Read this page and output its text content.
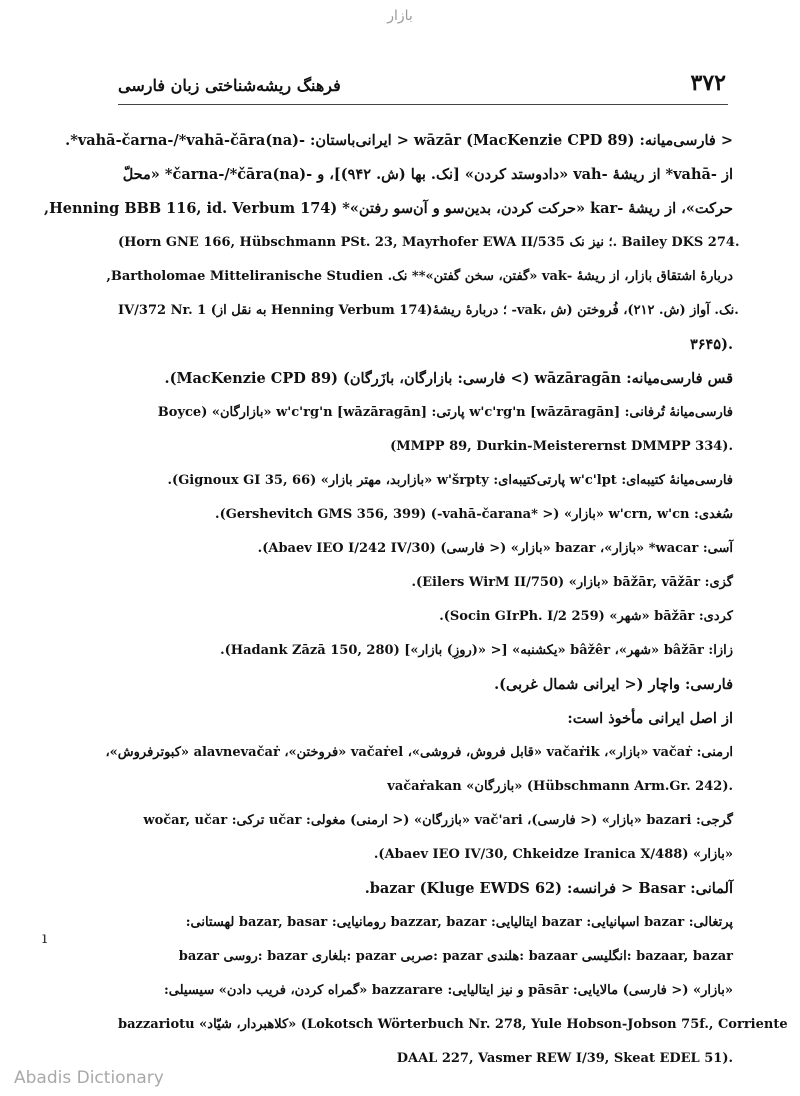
بازار
فرهنگ ریشه‌شناختی زبان فارسی	۳۷۲
< فارسی‌میانه: wāzār (MacKenzie CPD 89) < ایرانی‌باستان: -(vahā-čarna-/*vahā-čāra(na*.
از -vahā* از ریشهٔ -vah «دادوستد کردن» [نک. بها (ش. ۹۴۲)]، و -čarna-/*čāra(na)* «محلّ
حرکت»، از ریشهٔ -kar «حرکت کردن، بدین‌سو و آن‌سو رفتن»* (Henning BBB 116, id. Verbum 174,
(Horn GNE 166, Hübschmann PSt. 23, Mayrhofer EWA II/535 ؛ نیز نک. Bailey DKS 274.
دربارهٔ اشتقاق بازار، از ریشهٔ -vak «گفتن، سخن گفتن»** نک. Bartholomae Mitteliranische Studien,
IV/372 Nr. 1 (به نقل از Henning Verbum 174)؛ دربارهٔ ریشهٔ -vak، نک. آواز (ش. ۲۱۲)، فُروختن (ش.
۳۶۴۵).
قس فارسی‌میانه: wāzāragān (> فارسی: بازارگان، بازَرگان) (MacKenzie CPD 89).
فارسی‌میانهٔ تُرفانی: w'c'rg'n [wāzāragān] پارتی: w'c'rg'n [wāzāragān] «بازارگان» (Boyce
(MMPP 89, Durkin-Meisterernst DMMPP 334).
فارسی‌میانهٔ کتیبه‌ای: w'c'lpt پارتی‌کتیبه‌ای: w'šrpty «بازاربد، مهتر بازار» (Gignoux GI 35, 66).
سُغدی: w'crn, w'cn «بازار» (< *vahā-čarana-) (Gershevitch GMS 356, 399).
آسی: wacar* «بازار»، bazar «بازار» (< فارسی) (Abaev IEO I/242 IV/30).
گزی: bāžār, vāžār «بازار» (Eilers WirM II/750).
کردی: bāžār «شهر» (Socin GIrPh. I/2 259).
زازا: bâžār «شهر»، bâžêr «یکشنبه» [< «(روزِ) بازار»] (Hadank Zāzā 150, 280).
فارسی: واچار (< ایرانی شمال غربی).
از اصل ایرانی مأخوذ است:
ارمنی: vačaṙ «بازار»، vačaṙik «قابل فروش، فروشی»، vačaṙel «فروختن»، alavnevačaṙ «کبوترفروش»،
vačaṙakan «بازرگان» (Hübschmann Arm.Gr. 242).
گرجی: bazari «بازار» (< فارسی)، vač'ari «بازرگان» (< ارمنی) مغولی: učar ترکی: wočar, učar
«بازار» (Abaev IEO IV/30, Chkeidze Iranica X/488).
آلمانی: Basar < فرانسه: bazar (Kluge EWDS 62).
پرتغالی: bazar اسپانیایی: bazar ایتالیایی: bazzar, bazar رومانیایی: bazar, basar لهستانی:
bazar روسی: bazar بلغاری: pazar صربی: pazar هلندی: bazaar انگلیسی: bazaar, bazar
«بازار» (< فارسی) مالایایی: pāsār و نیز ایتالیایی: bazzarare «گمراه کردن، فریب دادن» سیسیلی:
bazzariotu «کلاهبردار، شیّاد» (Lokotsch Wörterbuch Nr. 278, Yule Hobson-Jobson 75f., Corriente
DAAL 227, Vasmer REW I/39, Skeat EDEL 51).
ı
Abadis Dictionary
